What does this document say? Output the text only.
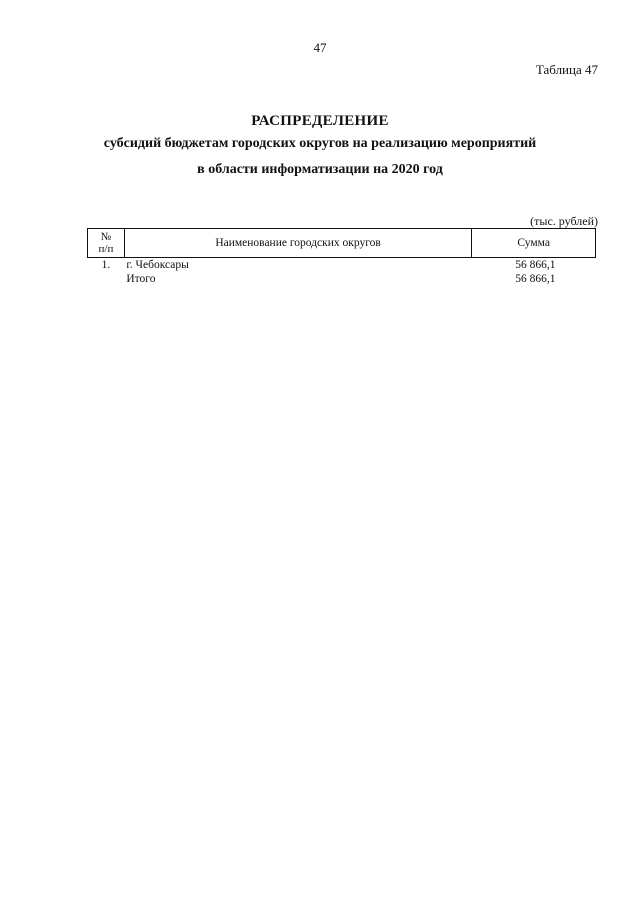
47
Таблица 47
РАСПРЕДЕЛЕНИЕ
субсидий бюджетам городских округов на реализацию мероприятий
в области информатизации на 2020 год
(тыс. рублей)
№
п/п	Наименование городских округов	Сумма
1.	г. Чебоксары	56 866,1
	Итого	56 866,1
